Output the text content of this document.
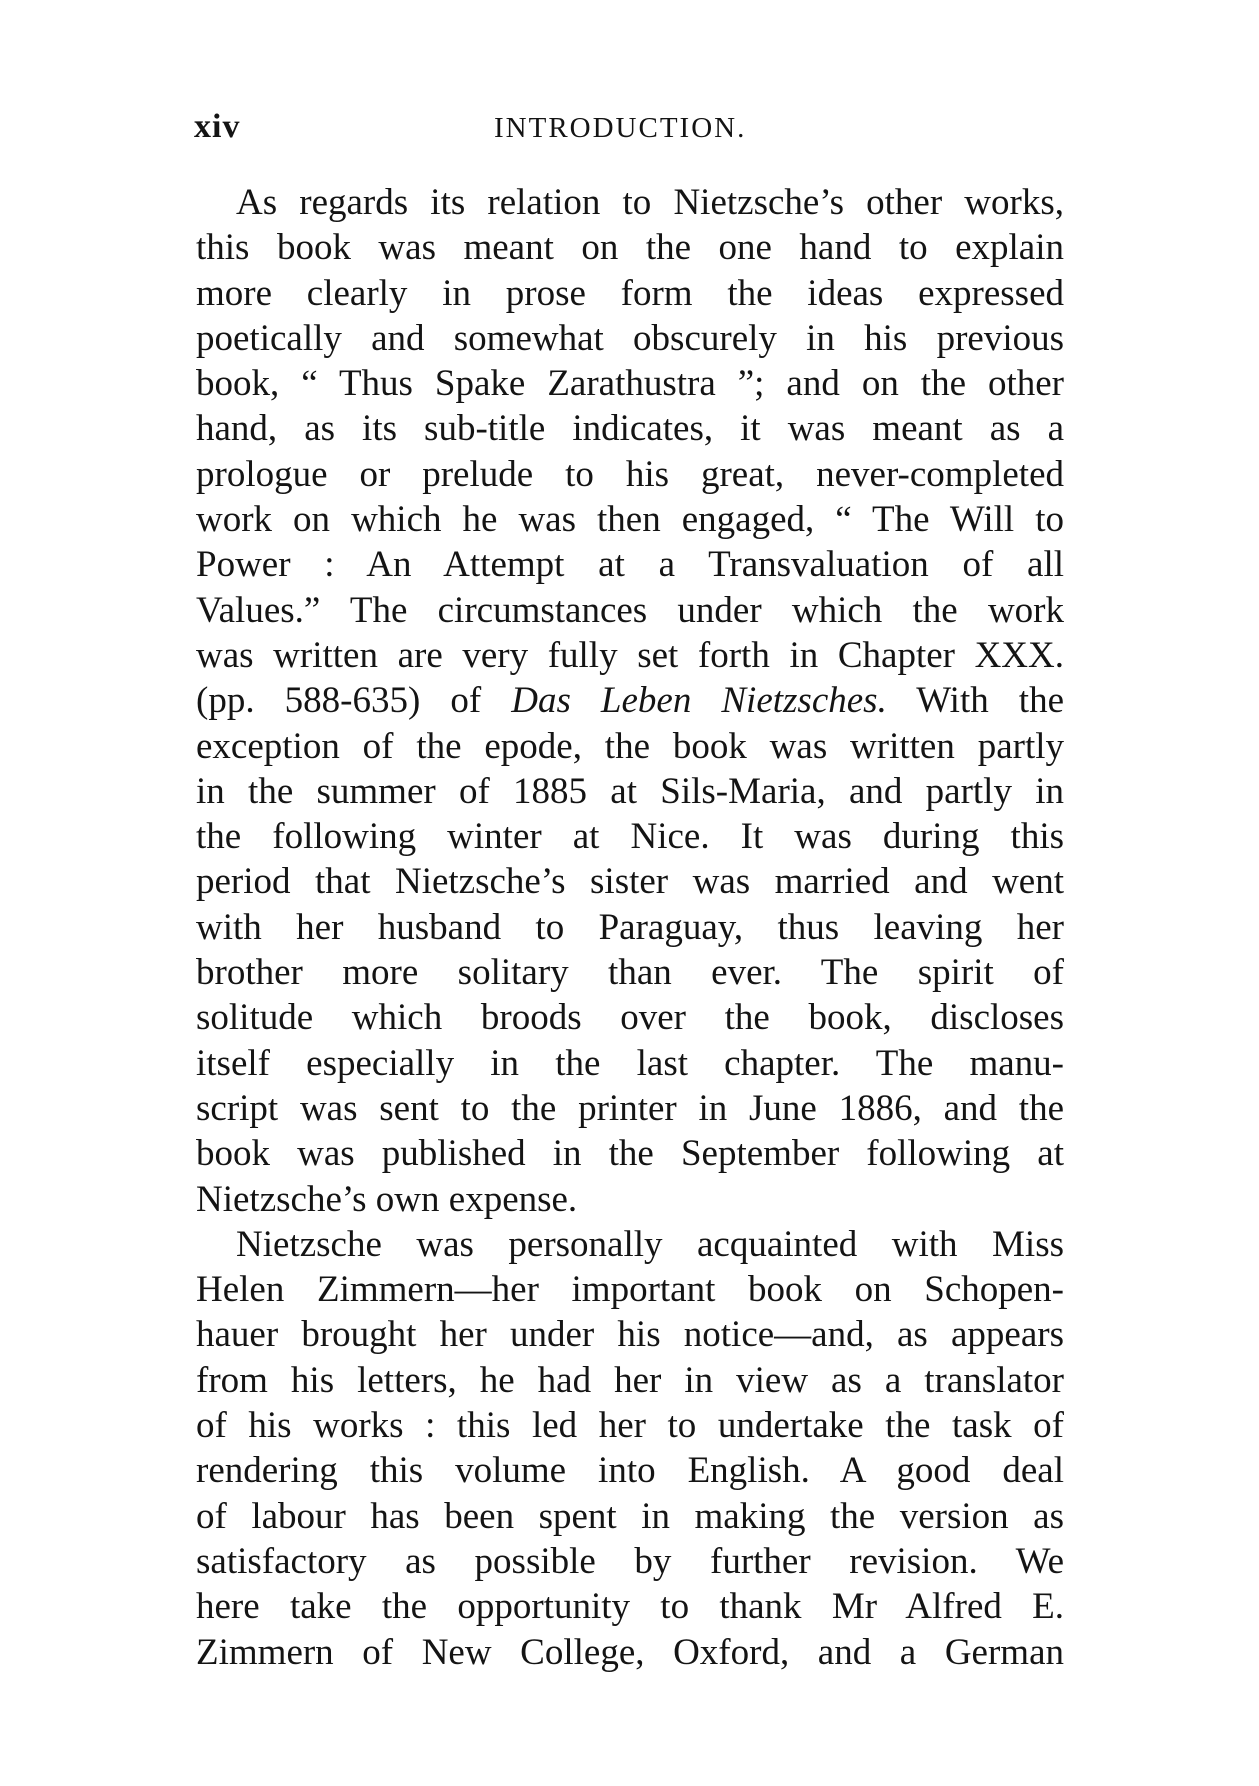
xiv	INTRODUCTION.
As regards its relation to Nietzsche’s other works,
this book was meant on the one hand to explain
more clearly in prose form the ideas expressed
poetically and somewhat obscurely in his previous
book, “ Thus Spake Zarathustra ”; and on the other
hand, as its sub-title indicates, it was meant as a
prologue or prelude to his great, never-completed
work on which he was then engaged, “ The Will to
Power : An Attempt at a Transvaluation of all
Values.” The circumstances under which the work
was written are very fully set forth in Chapter XXX.
(pp. 588-635) of Das Leben Nietzsches. With the
exception of the epode, the book was written partly
in the summer of 1885 at Sils-Maria, and partly in
the following winter at Nice. It was during this
period that Nietzsche’s sister was married and went
with her husband to Paraguay, thus leaving her
brother more solitary than ever. The spirit of
solitude which broods over the book, discloses
itself especially in the last chapter. The manu-
script was sent to the printer in June 1886, and the
book was published in the September following at
Nietzsche’s own expense.
Nietzsche was personally acquainted with Miss
Helen Zimmern—her important book on Schopen-
hauer brought her under his notice—and, as appears
from his letters, he had her in view as a translator
of his works : this led her to undertake the task of
rendering this volume into English. A good deal
of labour has been spent in making the version as
satisfactory as possible by further revision. We
here take the opportunity to thank Mr Alfred E.
Zimmern of New College, Oxford, and a German
